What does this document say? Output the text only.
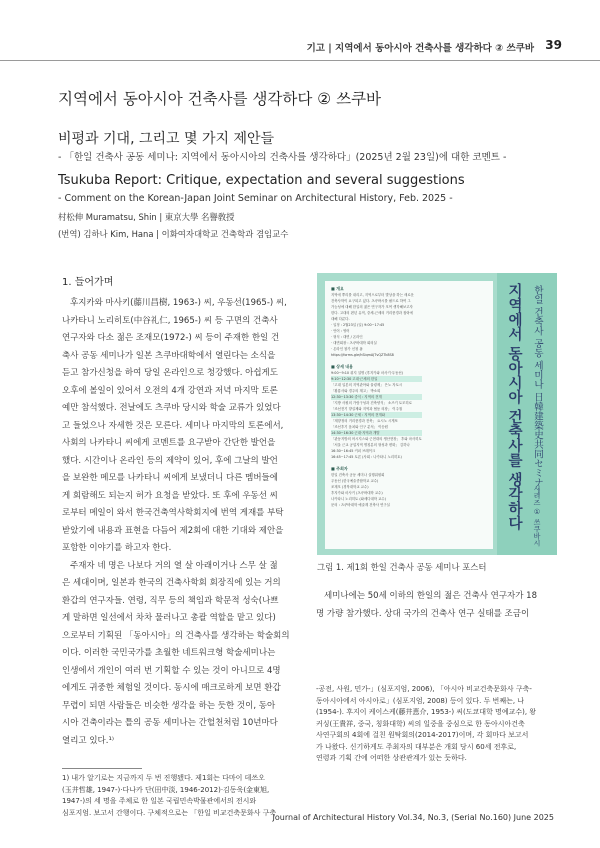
기고 | 지역에서 동아시아 건축사를 생각하다 ② 쓰쿠바 39
지역에서 동아시아 건축사를 생각하다 ② 쓰쿠바
비평과 기대, 그리고 몇 가지 제안들
- 「한일 건축사 공동 세미나: 지역에서 동아시아의 건축사를 생각하다」(2025년 2월 23일)에 대한 코멘트 -
Tsukuba Report: Critique, expectation and several suggestions
- Comment on the Korean-Japan Joint Seminar on Architectural History, Feb. 2025 -
村松伸 Muramatsu, Shin | 東京大學 名譽敎授
(번역) 김하나 Kim, Hana | 이화여자대학교 건축학과 겸임교수
1. 들어가며
후지카와 마사키(藤川昌樹, 1963-) 씨, 우동선(1965-) 씨,
나카타니 노리히토(中谷礼仁, 1965-) 씨 등 구면의 건축사
연구자와 다소 젊은 조재모(1972-) 씨 등이 주재한 한일 건
축사 공동 세미나가 일본 츠쿠바대학에서 열린다는 소식을
듣고 참가신청을 하여 당일 온라인으로 청강했다. 아쉽게도
오후에 볼일이 있어서 오전의 4개 강연과 저녁 마지막 토론
예만 참석했다. 전날에도 츠쿠바 당시와 학술 교류가 있었다
고 들었으나 자세한 것은 모른다. 세미나 마지막의 토론에서,
사회의 나카타니 씨에게 코멘트를 요구받아 간단한 발언을
했다. 시간이나 온라인 등의 제약이 있어, 후에 그날의 발언
을 보완한 메모를 나카타니 씨에게 보냈더니 다른 멤버들에
게 회람해도 되는지 허가 요청을 받았다. 또 후에 우동선 씨
로부터 메일이 와서 한국건축역사학회지에 번역 게재를 부탁
받았기에 내용과 표현을 다듬어 제2회에 대한 기대와 제안을
포함한 이야기를 하고자 한다.
주재자 네 명은 나보다 거의 열 살 아래이거나 스무 살 젊
은 세대이며, 일본과 한국의 건축사학회 회장직에 있는 거의
환갑의 연구자들. 연령, 직무 등의 책임과 학문적 성숙(나쁘
게 말하면 일선에서 차차 물러나고 총괄 역할을 맡고 있다)
으로부터 기획된 「동아시아」의 건축사를 생각하는 학술회의
이다. 이러한 국민국가를 초월한 네트워크형 학술세미나는
인생에서 개인이 여러 번 기획할 수 있는 것이 아니므로 4명
에게도 귀중한 체험일 것이다. 동시에 매크로하게 보면 환갑
무렵이 되면 사람들은 비슷한 생각을 하는 듯한 것이, 동아
시아 건축이라는 틀의 공동 세미나는 간헐천처럼 10년마다
열리고 있다.¹⁾
1) 내가 알기로는 지금까지 두 번 진행됐다. 제1회는 다마이 데쓰오
(玉井哲雄, 1947-)·다나카 단(田中淡, 1946-2012)·김동욱(金東旭,
1947-)의 세 명을 주체로 한 일본 국립민속박물관에서의 전시와
심포지엄. 보고서 간행이다. 구체적으로는 「한일 비교건축문화사 구축
■ 개요
지역에 뿌리를 내리고, 지역으로부터 발상을 하는 새로운
건축사학이 요구되고 있다. 츠쿠바시를 필드로 하여 그
가능성에 대해 한일의 젊은 연구자가 모여 생각해보고자
한다. 고대의 편년 유적, 중세-근세의 거리풍경과 집락에
대해 다룬다.
· 일정 : 2월23일 (일) 9:00~17:45
· 언어 : 영어
· 형식 : 대면 / 온라인
· 대면회장 : 츠쿠바대학 회의실
· 온라인 참가 신청 폼
https://forms.gle/hSlqmAJTvQZTk8S8
■ 상세 내용
9:00~9:10 취지 설명 (후지카와 마사키·우동선)
9:10~12:30 고대·근세의 한일
「고대 일본의 지역관아와 율령제」 은노 자토시
「황룡사와 경주의 계고」 박소희
12:30~13:30 중식 : 지역의 전개
「지방 사원의 가람구성과 건축양식」 소즈키 토모히로
「조선전기 향실제와 지역과 협동 의장」 이주철
13:30~14:30 근세 : 지역의 전개와
「재향정의 거리풍경과 전축」 요시노 시게또
「조선후기 읍치와 인구 분석」 이승원
14:30~16:30 근대·지역과 개발
「관동지방의 어시지스와 근현대의 생산현장」 후와 마사히토
「서울 근교 공업지역 명칭분의 형성과 변화」 김하나
16:30~16:45 커피 브레이크
16:45~17:45 토론 (사회 : 나카타니 노리히토)
■ 주최자
한일 건축사 공동 세미나 실행위원회
우동선 (한국예술종합학교 교수)
조재모 (경북대학교 교수)
후지카와 마사키 (츠쿠바대학 교수)
나카타니 노리히토 (와세다대학 교수)
문의 : 츠쿠바대학 예술계 건축사 연구실	지역에서 동아시아 건축사를 생각하다 한일 건축사 공동 세미나 日韓建築史共同セミナー
시리즈 ① 쓰쿠바시
그림 1. 제1회 한일 건축사 공동 세미나 포스터
세미나에는 50세 이하의 한일의 젊은 건축사 연구자가 18
명 가량 참가했다. 상대 국가의 건축사 연구 실태를 조금이
-공전, 사원, 민가-」(심포지엄, 2006), 「아시아 비교건축문화사 구축-
동아시아에서 아시아로」(심포지엄, 2008) 등이 있다. 두 번째는, 나
(1954-). 후지이 케이스케(藤井恵介, 1953-) 씨(도쿄대학 명예교수), 왕
커싱(王貴祥, 중국, 칭화대학) 씨의 일중을 중심으로 한 동아시아건축
사연구회의 4회에 걸친 원탁회의(2014-2017)이며, 각 회마다 보고서
가 나왔다. 신기하게도 주최자의 대부분은 개회 당시 60세 전후로,
연령과 기획 간에 어떠한 상관관계가 있는 듯하다.
Journal of Architectural History Vol.34, No.3, (Serial No.160) June 2025
